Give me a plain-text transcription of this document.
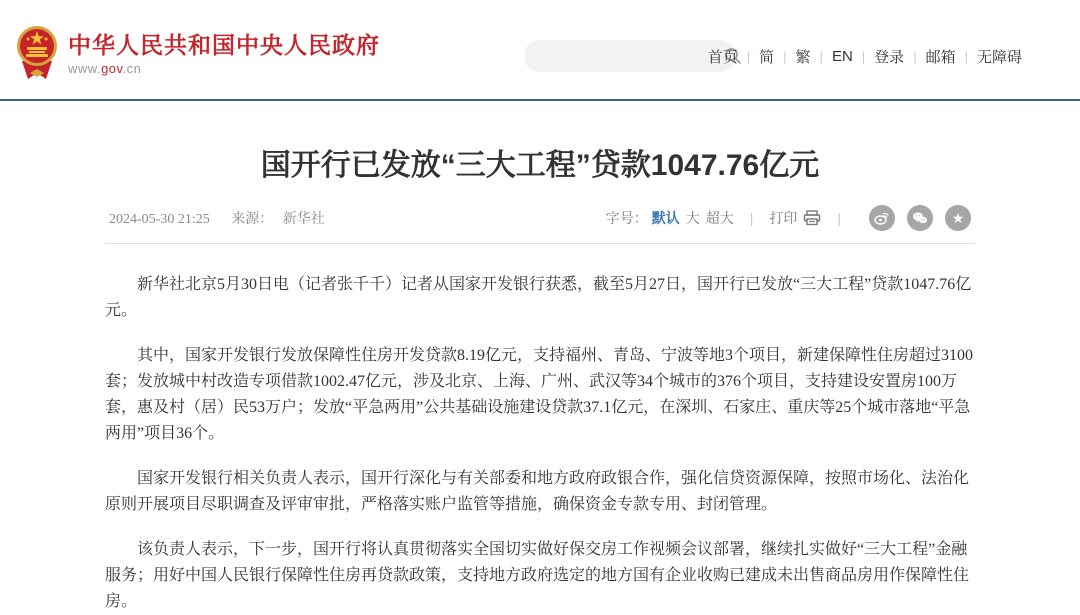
中华人民共和国中央人民政府
www.gov.cn
首页 | 简 | 繁 | EN | 登录 | 邮箱 | 无障碍
国开行已发放“三大工程”贷款1047.76亿元
2024-05-30 21:25 来源： 新华社	字号： 默认 大 超大 | 打印	|	★

新华社北京5月30日电（记者张千千）记者从国家开发银行获悉，截至5月27日，国开行已发放“三大工程”贷款1047.76亿元。

其中，国家开发银行发放保障性住房开发贷款8.19亿元，支持福州、青岛、宁波等地3个项目，新建保障性住房超过3100套；发放城中村改造专项借款1002.47亿元，涉及北京、上海、广州、武汉等34个城市的376个项目，支持建设安置房100万套，惠及村（居）民53万户；发放“平急两用”公共基础设施建设贷款37.1亿元，在深圳、石家庄、重庆等25个城市落地“平急两用”项目36个。

国家开发银行相关负责人表示，国开行深化与有关部委和地方政府政银合作，强化信贷资源保障，按照市场化、法治化原则开展项目尽职调查及评审审批，严格落实账户监管等措施，确保资金专款专用、封闭管理。

该负责人表示，下一步，国开行将认真贯彻落实全国切实做好保交房工作视频会议部署，继续扎实做好“三大工程”金融服务；用好中国人民银行保障性住房再贷款政策，支持地方政府选定的地方国有企业收购已建成未出售商品房用作保障性住房。
